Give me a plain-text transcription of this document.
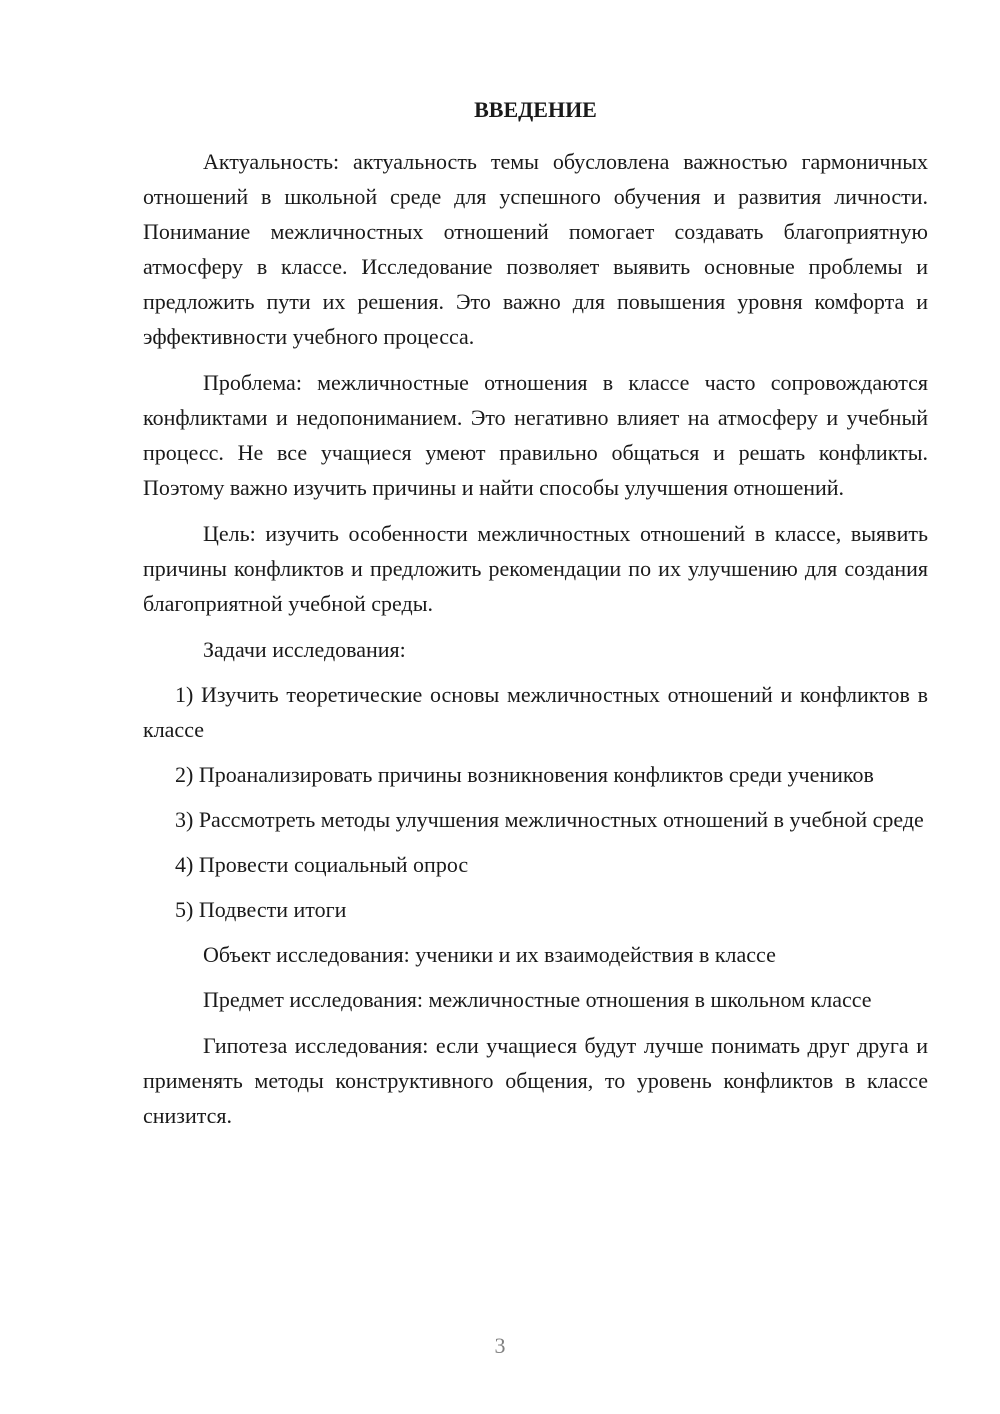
ВВЕДЕНИЕ

Актуальность: актуальность темы обусловлена важностью гармоничных отношений в школьной среде для успешного обучения и развития личности. Понимание межличностных отношений помогает создавать благоприятную атмосферу в классе. Исследование позволяет выявить основные проблемы и предложить пути их решения. Это важно для повышения уровня комфорта и эффективности учебного процесса.

Проблема: межличностные отношения в классе часто сопровождаются конфликтами и недопониманием. Это негативно влияет на атмосферу и учебный процесс. Не все учащиеся умеют правильно общаться и решать конфликты. Поэтому важно изучить причины и найти способы улучшения отношений.

Цель: изучить особенности межличностных отношений в классе, выявить причины конфликтов и предложить рекомендации по их улучшению для создания благоприятной учебной среды.

Задачи исследования:

1) Изучить теоретические основы межличностных отношений и конфликтов в классе

2) Проанализировать причины возникновения конфликтов среди учеников

3) Рассмотреть методы улучшения межличностных отношений в учебной среде

4) Провести социальный опрос

5) Подвести итоги

Объект исследования: ученики и их взаимодействия в классе

Предмет исследования: межличностные отношения в школьном классе

Гипотеза исследования: если учащиеся будут лучше понимать друг друга и применять методы конструктивного общения, то уровень конфликтов в классе снизится.

3
